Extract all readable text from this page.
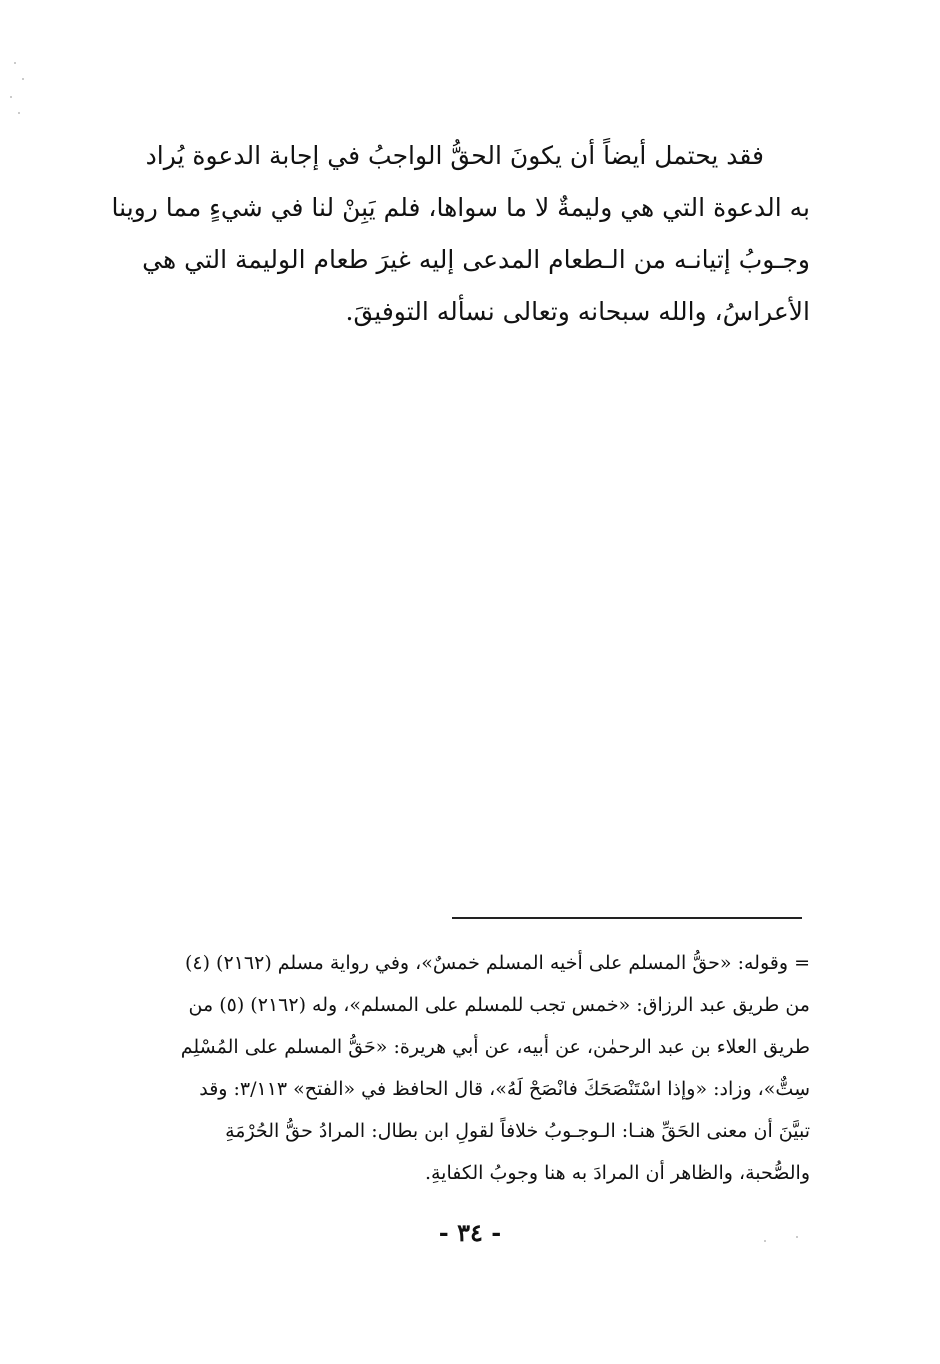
فقد يحتمل أيضاً أن يكونَ الحقُّ الواجبُ في إجابة الدعوة يُراد
به الدعوة التي هي وليمةٌ لا ما سواها، فلم يَبِنْ لنا في شيءٍ مما روينا
وجـوبُ إتيانـه من الـطعام المدعى إليه غيرَ طعام الوليمة التي هي
الأعراسُ، والله سبحانه وتعالى نسأله التوفيقَ.
= وقوله: «حقُّ المسلم على أخيه المسلم خمسٌ»، وفي رواية مسلم (٢١٦٢) (٤)
من طريق عبد الرزاق: «خمس تجب للمسلم على المسلم»، وله (٢١٦٢) (٥) من
طريق العلاء بن عبد الرحمٰن، عن أبيه، عن أبي هريرة: «حَقُّ المسلم على المُسْلِم
سِتٌّ»، وزاد: «وإذا اسْتَنْصَحَكَ فانْصَحْ لَهُ»، قال الحافظ في «الفتح» ٣/١١٣: وقد
تبيَّنَ أن معنى الحَقِّ هنـا: الـوجـوبُ خلافاً لقولِ ابن بطال: المرادُ حقُّ الحُرْمَةِ
والصُّحبة، والظاهر أن المرادَ به هنا وجوبُ الكفايةِ.
- ٣٤ -
